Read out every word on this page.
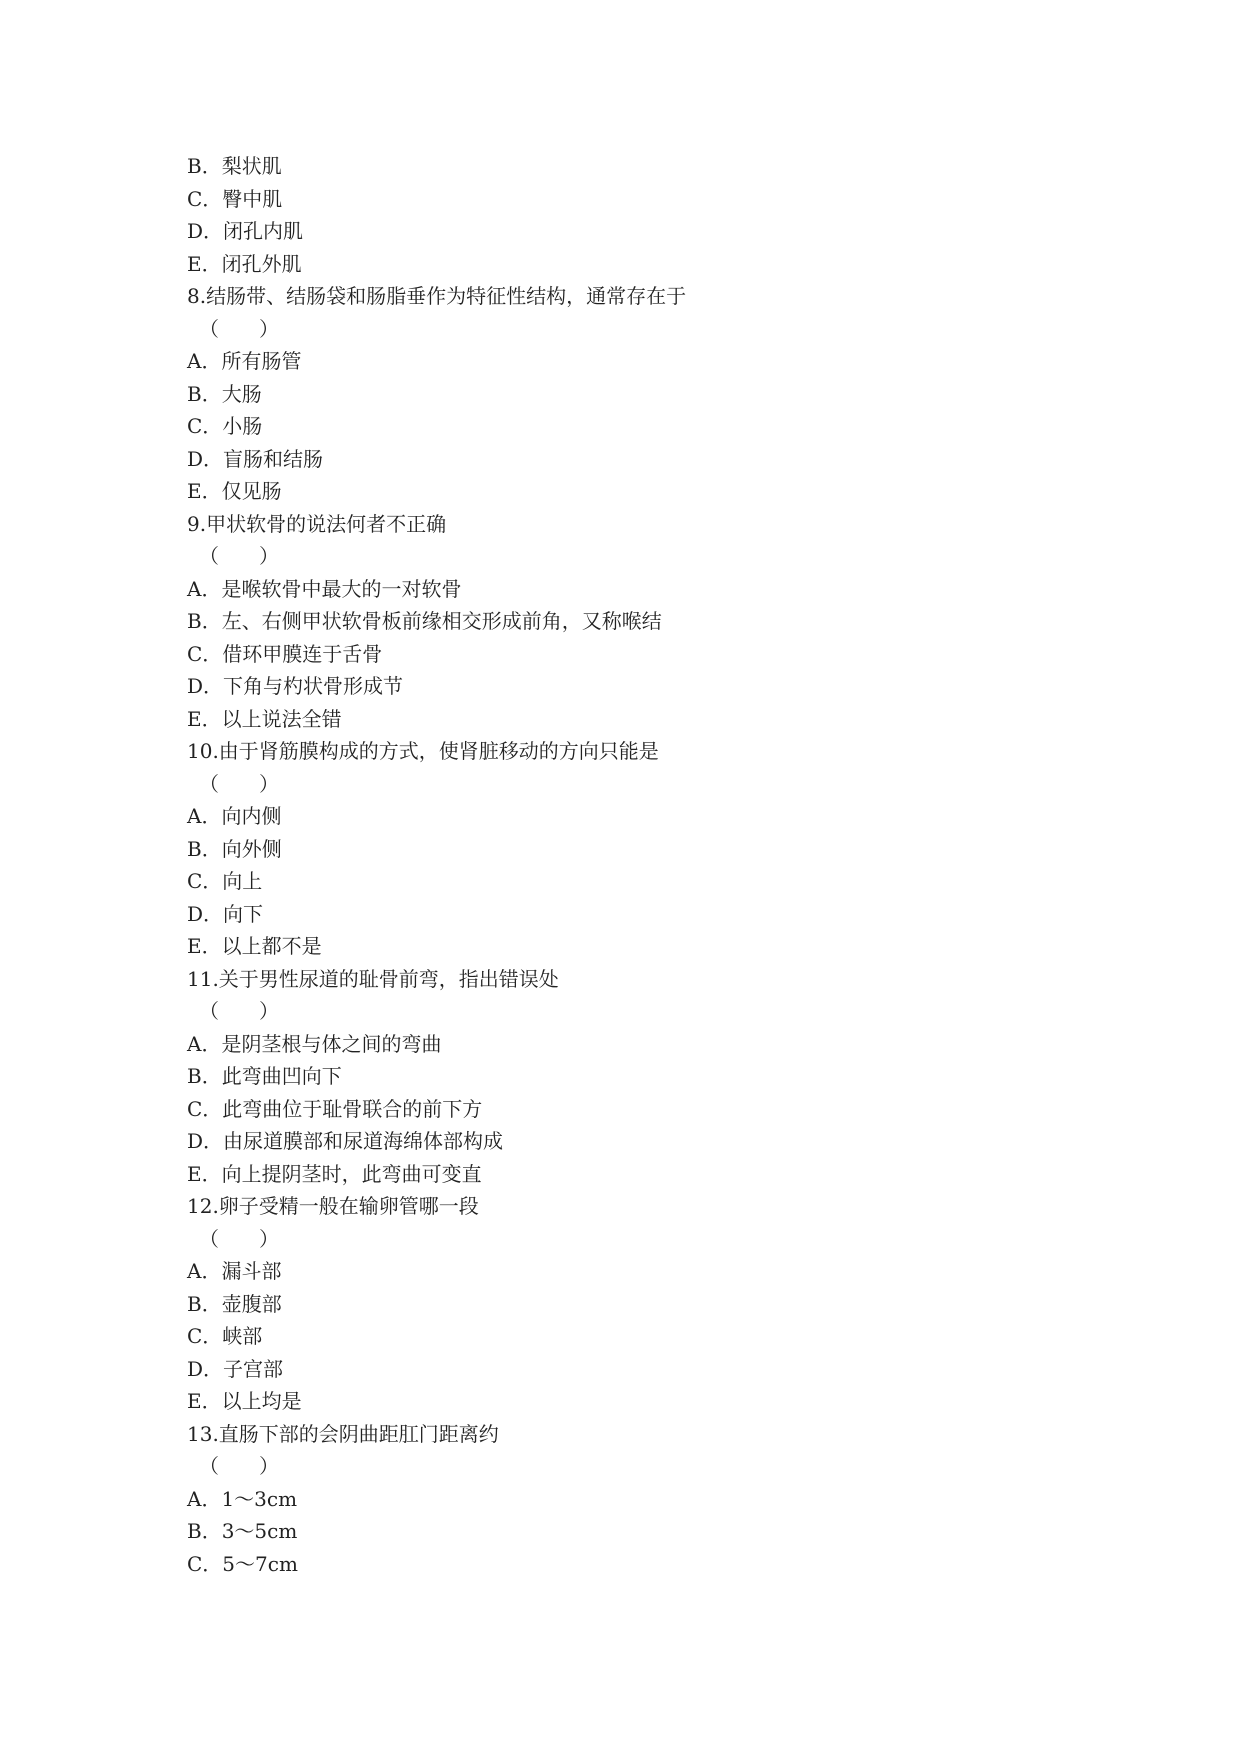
B．梨状肌
C．臀中肌
D．闭孔内肌
E．闭孔外肌
8.结肠带、结肠袋和肠脂垂作为特征性结构，通常存在于
（　　）
A．所有肠管
B．大肠
C．小肠
D．盲肠和结肠
E．仅见肠
9.甲状软骨的说法何者不正确
（　　）
A．是喉软骨中最大的一对软骨
B．左、右侧甲状软骨板前缘相交形成前角，又称喉结
C．借环甲膜连于舌骨
D．下角与杓状骨形成节
E．以上说法全错
10.由于肾筋膜构成的方式，使肾脏移动的方向只能是
（　　）
A．向内侧
B．向外侧
C．向上
D．向下
E．以上都不是
11.关于男性尿道的耻骨前弯，指出错误处
（　　）
A．是阴茎根与体之间的弯曲
B．此弯曲凹向下
C．此弯曲位于耻骨联合的前下方
D．由尿道膜部和尿道海绵体部构成
E．向上提阴茎时，此弯曲可变直
12.卵子受精一般在输卵管哪一段
（　　）
A．漏斗部
B．壶腹部
C．峡部
D．子宫部
E．以上均是
13.直肠下部的会阴曲距肛门距离约
（　　）
A．1～3cm
B．3～5cm
C．5～7cm
